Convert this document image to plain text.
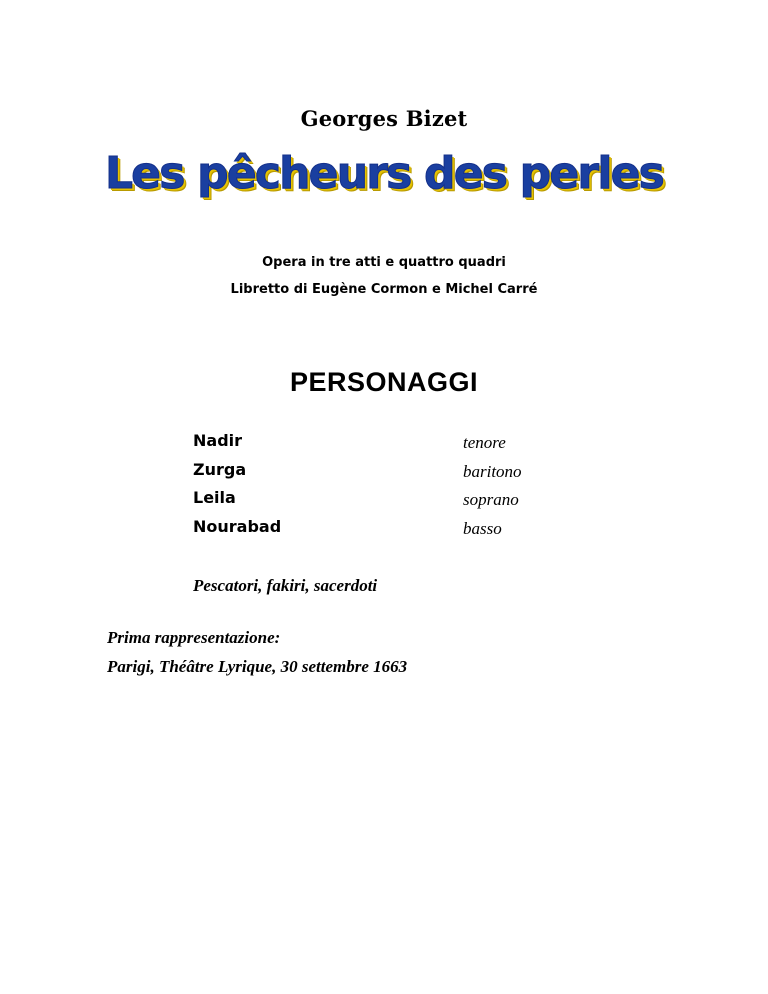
Georges Bizet
Les pêcheurs des perles
Opera in tre atti e quattro quadri
Libretto di Eugène Cormon e Michel Carré
PERSONAGGI
Nadir	tenore
Zurga	baritono
Leila	soprano
Nourabad	basso
Pescatori, fakiri, sacerdoti
Prima rappresentazione:
Parigi, Théâtre Lyrique, 30 settembre 1663
